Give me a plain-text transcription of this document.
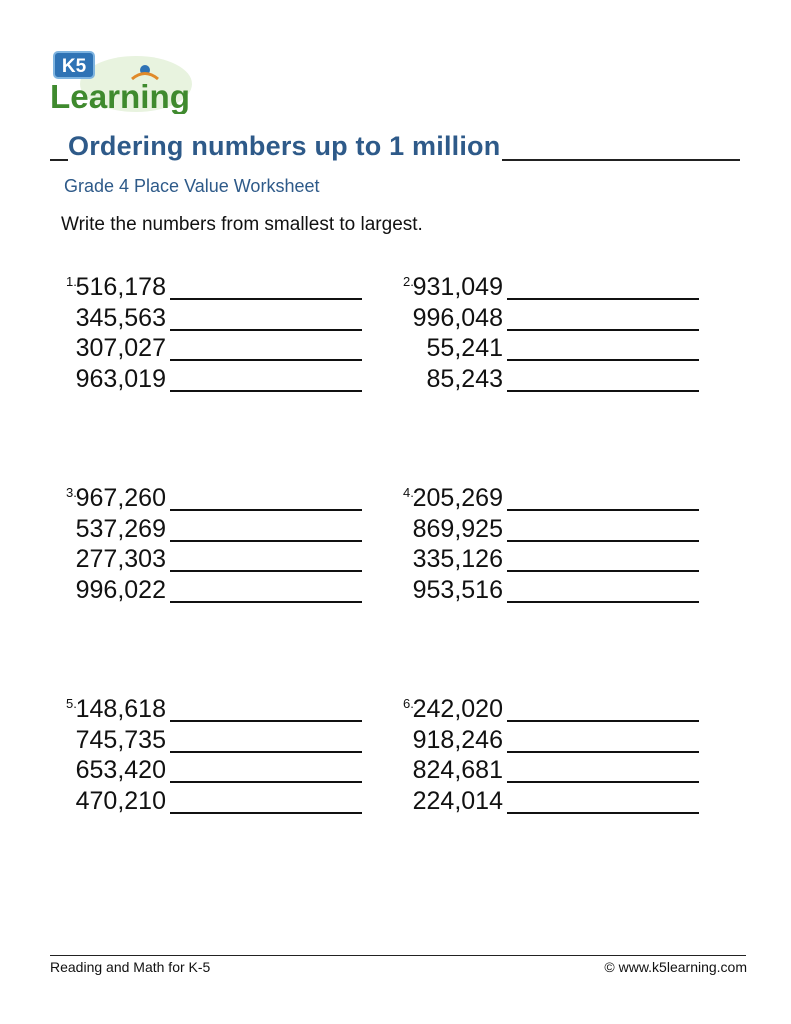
K5
Learning
Ordering numbers up to 1 million
Grade 4 Place Value Worksheet
Write the numbers from smallest to largest.
1.
516,178
345,563
307,027
963,019
2.
931,049
996,048
55,241
85,243
3.
967,260
537,269
277,303
996,022
4.
205,269
869,925
335,126
953,516
5.
148,618
745,735
653,420
470,210
6.
242,020
918,246
824,681
224,014
Reading and Math for K-5	© www.k5learning.com
